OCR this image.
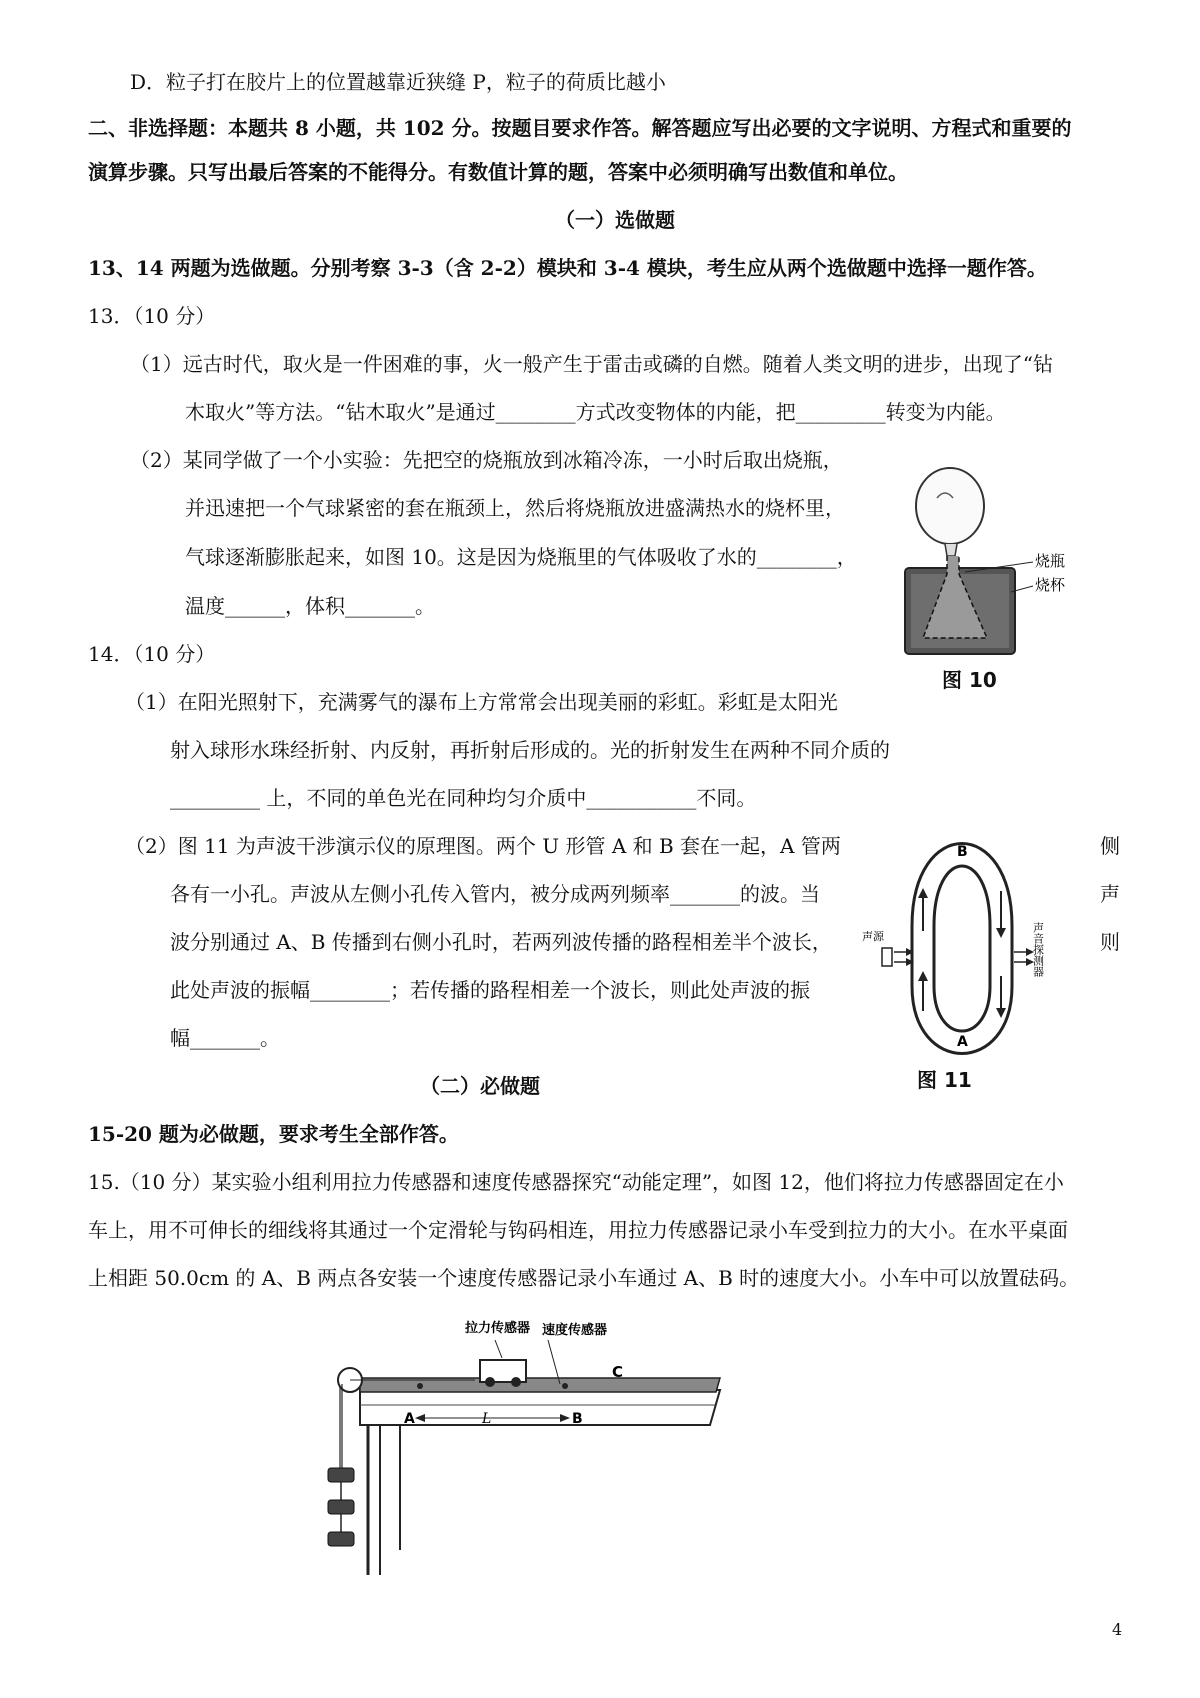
D．粒子打在胶片上的位置越靠近狭缝 P，粒子的荷质比越小
二、非选择题：本题共 8 小题，共 102 分。按题目要求作答。解答题应写出必要的文字说明、方程式和重要的
演算步骤。只写出最后答案的不能得分。有数值计算的题，答案中必须明确写出数值和单位。
（一）选做题
13、14 两题为选做题。分别考察 3-3（含 2-2）模块和 3-4 模块，考生应从两个选做题中选择一题作答。
13．（10 分）
（1）远古时代，取火是一件困难的事，火一般产生于雷击或磷的自燃。随着人类文明的进步，出现了“钻
木取火”等方法。“钻木取火”是通过________方式改变物体的内能，把_________转变为内能。
（2）某同学做了一个小实验：先把空的烧瓶放到冰箱冷冻，一小时后取出烧瓶，
并迅速把一个气球紧密的套在瓶颈上，然后将烧瓶放进盛满热水的烧杯里，
气球逐渐膨胀起来，如图 10。这是因为烧瓶里的气体吸收了水的________，
温度______，体积_______。
14．（10 分）
（1）在阳光照射下，充满雾气的瀑布上方常常会出现美丽的彩虹。彩虹是太阳光
射入球形水珠经折射、内反射，再折射后形成的。光的折射发生在两种不同介质的
_________ 上，不同的单色光在同种均匀介质中___________不同。
（2）图 11 为声波干涉演示仪的原理图。两个 U 形管 A 和 B 套在一起，A 管两	侧
各有一小孔。声波从左侧小孔传入管内，被分成两列频率_______的波。当	声
波分别通过 A、B 传播到右侧小孔时，若两列波传播的路程相差半个波长，	则
此处声波的振幅________；若传播的路程相差一个波长，则此处声波的振
幅_______。
（二）必做题
15-20 题为必做题，要求考生全部作答。
15.（10 分）某实验小组利用拉力传感器和速度传感器探究“动能定理”，如图 12，他们将拉力传感器固定在小
车上，用不可伸长的细线将其通过一个定滑轮与钩码相连，用拉力传感器记录小车受到拉力的大小。在水平桌面
上相距 50.0cm 的 A、B 两点各安装一个速度传感器记录小车通过 A、B 时的速度大小。小车中可以放置砝码。
烧瓶
烧杯
图 10
B
A
声源	声音探测器
图 11
拉力传感器 速度传感器
C
A	L	B
4
